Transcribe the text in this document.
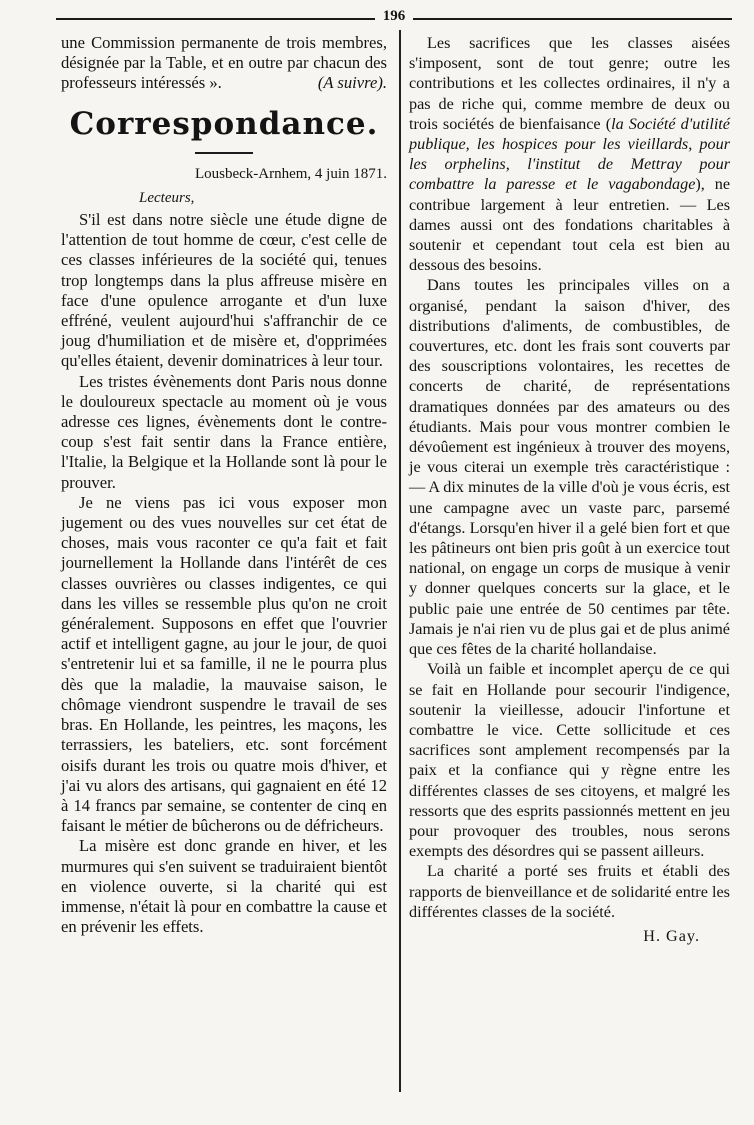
196

une Commission permanente de trois membres, désignée par la Table, et en outre par chacun des professeurs intéressés ».	(A suivre).

Correspondance.

Lousbeck-Arnhem, 4 juin 1871.

Lecteurs,

S'il est dans notre siècle une étude digne de l'attention de tout homme de cœur, c'est celle de ces classes inférieures de la société qui, tenues trop longtemps dans la plus affreuse misère en face d'une opulence arrogante et d'un luxe effréné, veulent aujourd'hui s'affranchir de ce joug d'humiliation et de misère et, d'opprimées qu'elles étaient, devenir dominatrices à leur tour.

Les tristes évènements dont Paris nous donne le douloureux spectacle au moment où je vous adresse ces lignes, évènements dont le contre-coup s'est fait sentir dans la France entière, l'Italie, la Belgique et la Hollande sont là pour le prouver.

Je ne viens pas ici vous exposer mon jugement ou des vues nouvelles sur cet état de choses, mais vous raconter ce qu'a fait et fait journellement la Hollande dans l'intérêt de ces classes ouvrières ou classes indigentes, ce qui dans les villes se ressemble plus qu'on ne croit généralement. Supposons en effet que l'ouvrier actif et intelligent gagne, au jour le jour, de quoi s'entretenir lui et sa famille, il ne le pourra plus dès que la maladie, la mauvaise saison, le chômage viendront suspendre le travail de ses bras. En Hollande, les peintres, les maçons, les terrassiers, les bateliers, etc. sont forcément oisifs durant les trois ou quatre mois d'hiver, et j'ai vu alors des artisans, qui gagnaient en été 12 à 14 francs par semaine, se contenter de cinq en faisant le métier de bûcherons ou de défricheurs.

La misère est donc grande en hiver, et les murmures qui s'en suivent se traduiraient bientôt en violence ouverte, si la charité qui est immense, n'était là pour en combattre la cause et en prévenir les effets.

Les sacrifices que les classes aisées s'imposent, sont de tout genre; outre les contributions et les collectes ordinaires, il n'y a pas de riche qui, comme membre de deux ou trois sociétés de bienfaisance (la Société d'utilité publique, les hospices pour les vieillards, pour les orphelins, l'institut de Mettray pour combattre la paresse et le vagabondage), ne contribue largement à leur entretien. — Les dames aussi ont des fondations charitables à soutenir et cependant tout cela est bien au dessous des besoins.

Dans toutes les principales villes on a organisé, pendant la saison d'hiver, des distributions d'aliments, de combustibles, de couvertures, etc. dont les frais sont couverts par des souscriptions volontaires, les recettes de concerts de charité, de représentations dramatiques données par des amateurs ou des étudiants. Mais pour vous montrer combien le dévoûement est ingénieux à trouver des moyens, je vous citerai un exemple très caractéristique : — A dix minutes de la ville d'où je vous écris, est une campagne avec un vaste parc, parsemé d'étangs. Lorsqu'en hiver il a gelé bien fort et que les pâtineurs ont bien pris goût à un exercice tout national, on engage un corps de musique à venir y donner quelques concerts sur la glace, et le public paie une entrée de 50 centimes par tête. Jamais je n'ai rien vu de plus gai et de plus animé que ces fêtes de la charité hollandaise.

Voilà un faible et incomplet aperçu de ce qui se fait en Hollande pour secourir l'indigence, soutenir la vieillesse, adoucir l'infortune et combattre le vice. Cette sollicitude et ces sacrifices sont amplement recompensés par la paix et la confiance qui y règne entre les différentes classes de ses citoyens, et malgré les ressorts que des esprits passionnés mettent en jeu pour provoquer des troubles, nous serons exempts des désordres qui se passent ailleurs.

La charité a porté ses fruits et établi des rapports de bienveillance et de solidarité entre les différentes classes de la société.

H. Gay.
